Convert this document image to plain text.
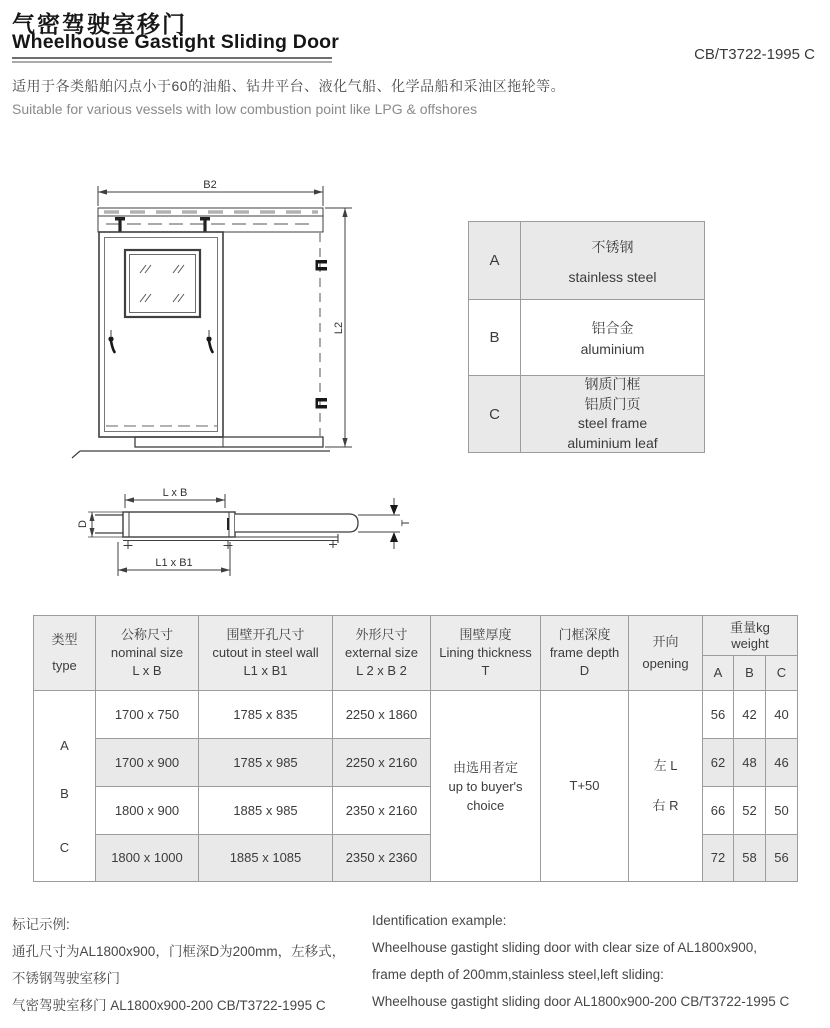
气密驾驶室移门
Wheelhouse Gastight Sliding Door
CB/T3722-1995 C
适用于各类船舶闪点小于60的油船、钻井平台、液化气船、化学品船和采油区拖轮等。
Suitable for various vessels with low combustion point like LPG & offshores
B2
L2
L x B
L1 x B1
D	T
A
不锈钢
stainless steel
B
铝合金
aluminium
C
钢质门框
铝质门页
steel frame
aluminium leaf
类型
type
公称尺寸
nominal size
L x B
围壁开孔尺寸
cutout in steel wall
L1 x B1
外形尺寸
external size
L 2 x B 2
围壁厚度
Lining thickness
T
门框深度
frame depth
D
开向
opening
重量kg
weight
A B C
A
B
C
1700 x 750	1785 x 835	2250 x 1860	56 42 40
1700 x 900	1785 x 985	2250 x 2160	62 48 46
1800 x 900	1885 x 985	2350 x 2160	66 52 50
1800 x 1000	1885 x 1085	2350 x 2360	72 58 56
由选用者定
up to buyer's
choice
T+50
左 L
右 R
标记示例:
通孔尺寸为AL1800x900，门框深D为200mm，左移式，
不锈钢驾驶室移门
气密驾驶室移门 AL1800x900-200 CB/T3722-1995 C
Identification example:
Wheelhouse gastight sliding door with clear size of AL1800x900,
frame depth of 200mm,stainless steel,left sliding:
Wheelhouse gastight sliding door AL1800x900-200 CB/T3722-1995 C
